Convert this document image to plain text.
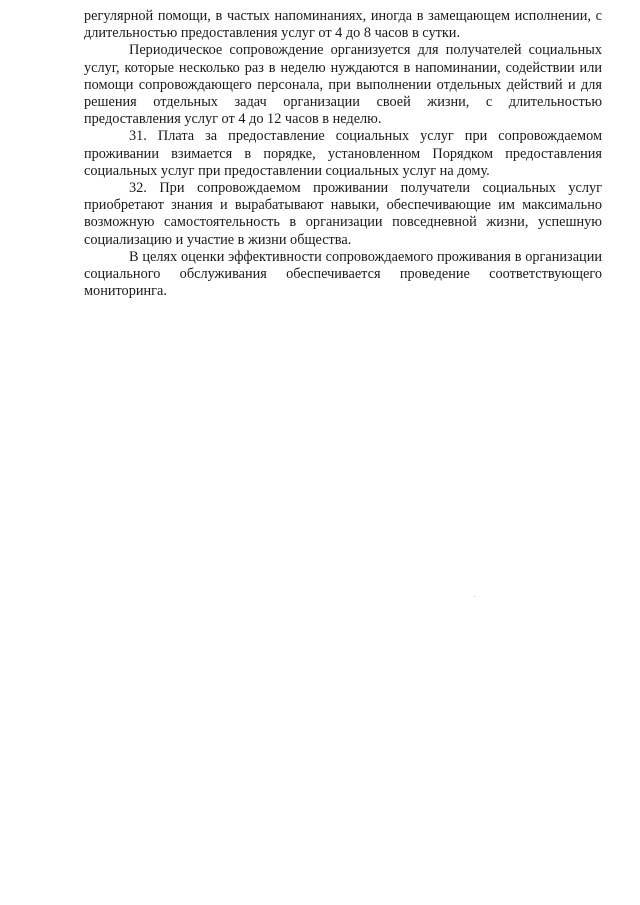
регулярной помощи, в частых напоминаниях, иногда в замещающем исполнении, с длительностью предоставления услуг от 4 до 8 часов в сутки.

Периодическое сопровождение организуется для получателей социальных услуг, которые несколько раз в неделю нуждаются в напоминании, содействии или помощи сопровождающего персонала, при выполнении отдельных действий и для решения отдельных задач организации своей жизни, с длительностью предоставления услуг от 4 до 12 часов в неделю.

31. Плата за предоставление социальных услуг при сопровождаемом проживании взимается в порядке, установленном Порядком предоставления социальных услуг при предоставлении социальных услуг на дому.

32. При сопровождаемом проживании получатели социальных услуг приобретают знания и вырабатывают навыки, обеспечивающие им максимально возможную самостоятельность в организации повседневной жизни, успешную социализацию и участие в жизни общества.

В целях оценки эффективности сопровождаемого проживания в организации социального обслуживания обеспечивается проведение соответствующего мониторинга.
